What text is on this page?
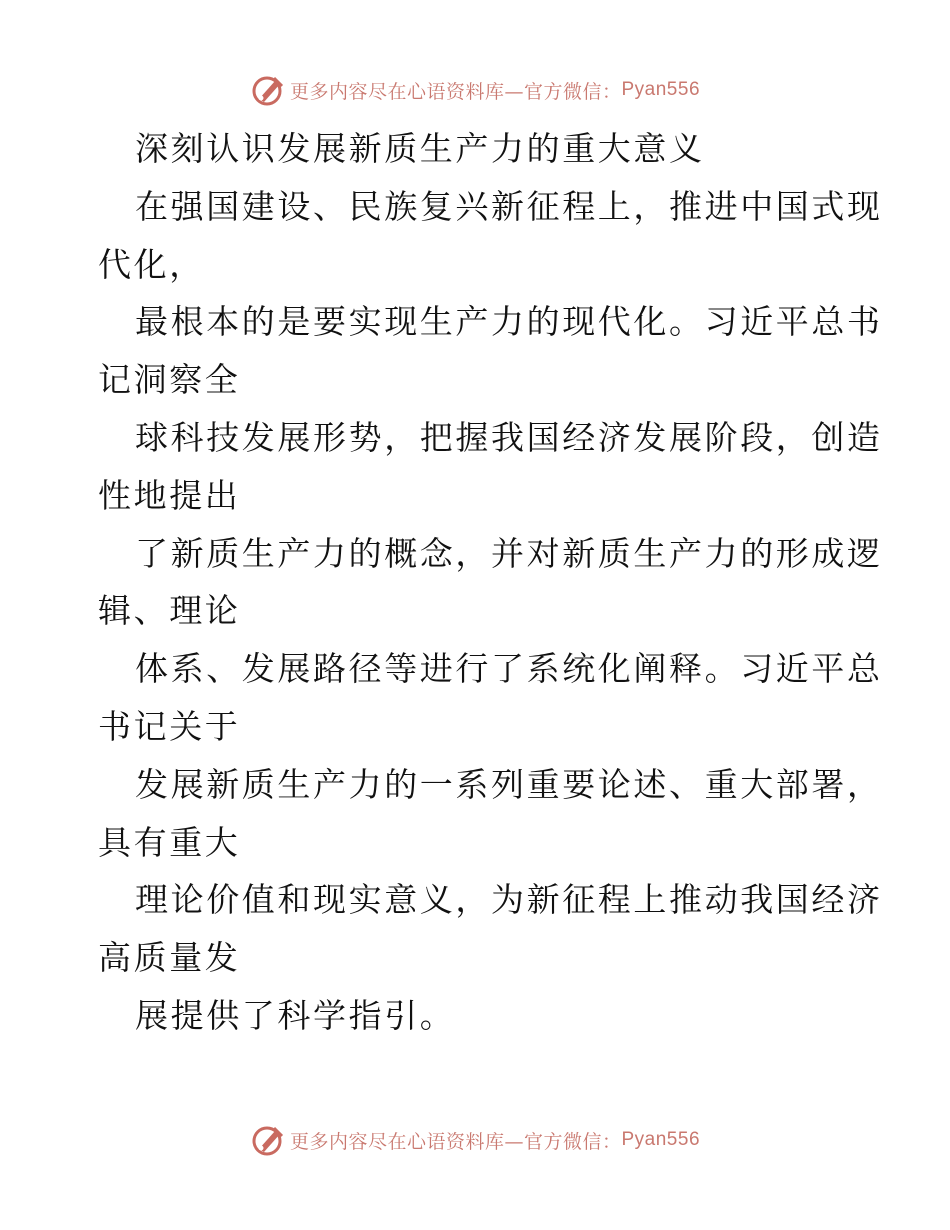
更多内容尽在心语资料库—官方微信： Pyan556
深刻认识发展新质生产力的重大意义
在强国建设、民族复兴新征程上，推进中国式现
代化，
最根本的是要实现生产力的现代化。习近平总书
记洞察全
球科技发展形势，把握我国经济发展阶段，创造
性地提出
了新质生产力的概念，并对新质生产力的形成逻
辑、理论
体系、发展路径等进行了系统化阐释。习近平总
书记关于
发展新质生产力的一系列重要论述、重大部署，
具有重大
理论价值和现实意义，为新征程上推动我国经济
高质量发
展提供了科学指引。
更多内容尽在心语资料库—官方微信： Pyan556
